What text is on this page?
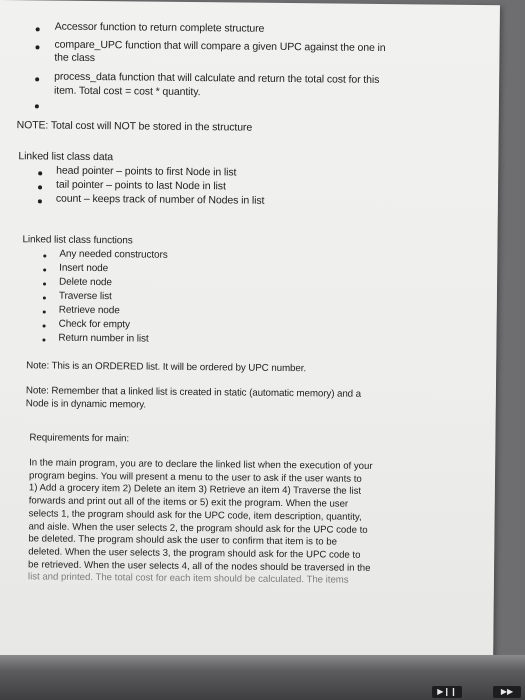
Accessor function to return complete structure
compare_UPC function that will compare a given UPC against the one in
the class
process_data function that will calculate and return the total cost for this
item. Total cost = cost * quantity.
NOTE: Total cost will NOT be stored in the structure
Linked list class data
head pointer – points to first Node in list
tail pointer – points to last Node in list
count – keeps track of number of Nodes in list
Linked list class functions
Any needed constructors
Insert node
Delete node
Traverse list
Retrieve node
Check for empty
Return number in list
Note: This is an ORDERED list. It will be ordered by UPC number.
Note: Remember that a linked list is created in static (automatic memory) and a
Node is in dynamic memory.
Requirements for main:
In the main program, you are to declare the linked list when the execution of your
program begins. You will present a menu to the user to ask if the user wants to
1) Add a grocery item 2) Delete an item 3) Retrieve an item 4) Traverse the list
forwards and print out all of the items or 5) exit the program. When the user
selects 1, the program should ask for the UPC code, item description, quantity,
and aisle. When the user selects 2, the program should ask for the UPC code to
be deleted. The program should ask the user to confirm that item is to be
deleted. When the user selects 3, the program should ask for the UPC code to
be retrieved. When the user selects 4, all of the nodes should be traversed in the
list and printed. The total cost for each item should be calculated. The items
▶❙❙	▶▶
